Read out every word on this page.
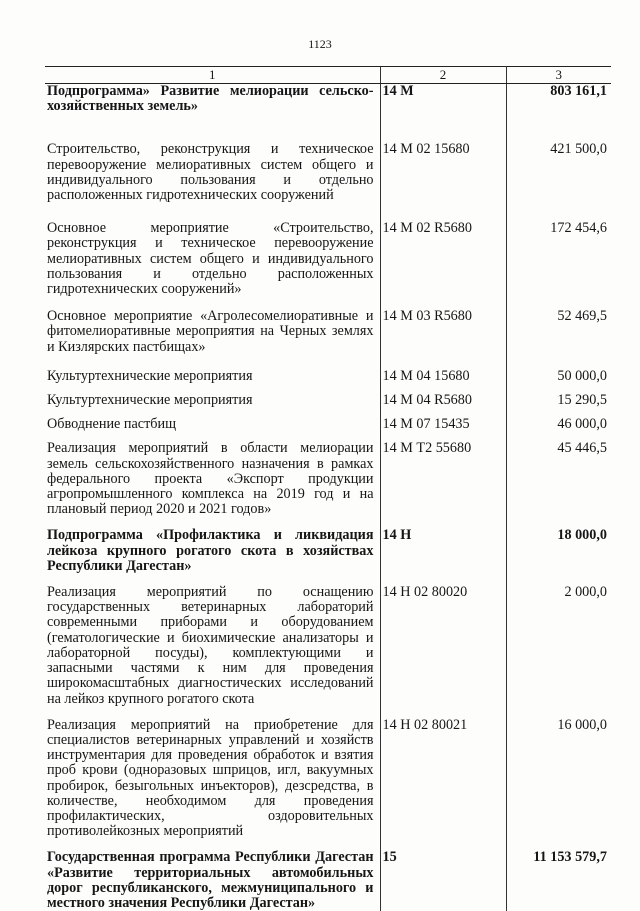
1123
1	2	3
Подпрограмма» Развитие мелиорации сельско-хозяйственных земель»	14 М	803 161,1

Строительство, реконструкция и техническое перевооружение мелиоративных систем общего и индивидуального пользования и отдельно расположенных гидротехнических сооружений	14 М 02 15680	421 500,0

Основное мероприятие «Строительство, реконструкция и техническое перевооружение мелиоративных систем общего и индивидуального пользования и отдельно расположенных гидротехнических сооружений»	14 М 02 R5680	172 454,6

Основное мероприятие «Агролесомелиоративные и фитомелиоративные мероприятия на Черных землях и Кизлярских пастбищах»	14 М 03 R5680	52 469,5

Культуртехнические мероприятия	14 М 04 15680	50 000,0

Культуртехнические мероприятия	14 М 04 R5680	15 290,5

Обводнение пастбищ	14 М 07 15435	46 000,0

Реализация мероприятий в области мелиорации земель сельскохозяйственного назначения в рамках федерального проекта «Экспорт продукции агропромышленного комплекса на 2019 год и на плановый период 2020 и 2021 годов»	14 М Т2 55680	45 446,5

Подпрограмма «Профилактика и ликвидация лейкоза крупного рогатого скота в хозяйствах Республики Дагестан»	14 Н	18 000,0

Реализация мероприятий по оснащению государственных ветеринарных лабораторий современными приборами и оборудованием (гематологические и биохимические анализаторы и лабораторной посуды), комплектующими и запасными частями к ним для проведения широкомасштабных диагностических исследований на лейкоз крупного рогатого скота	14 Н 02 80020	2 000,0

Реализация мероприятий на приобретение для специалистов ветеринарных управлений и хозяйств инструментария для проведения обработок и взятия проб крови (одноразовых шприцов, игл, вакуумных пробирок, безыгольных инъекторов), дезсредства, в количестве, необходимом для проведения профилактических, оздоровительных противолейкозных мероприятий	14 Н 02 80021	16 000,0

Государственная программа Республики Дагестан «Развитие территориальных автомобильных дорог республиканского, межмуниципального и местного значения Республики Дагестан»	15	11 153 579,7
